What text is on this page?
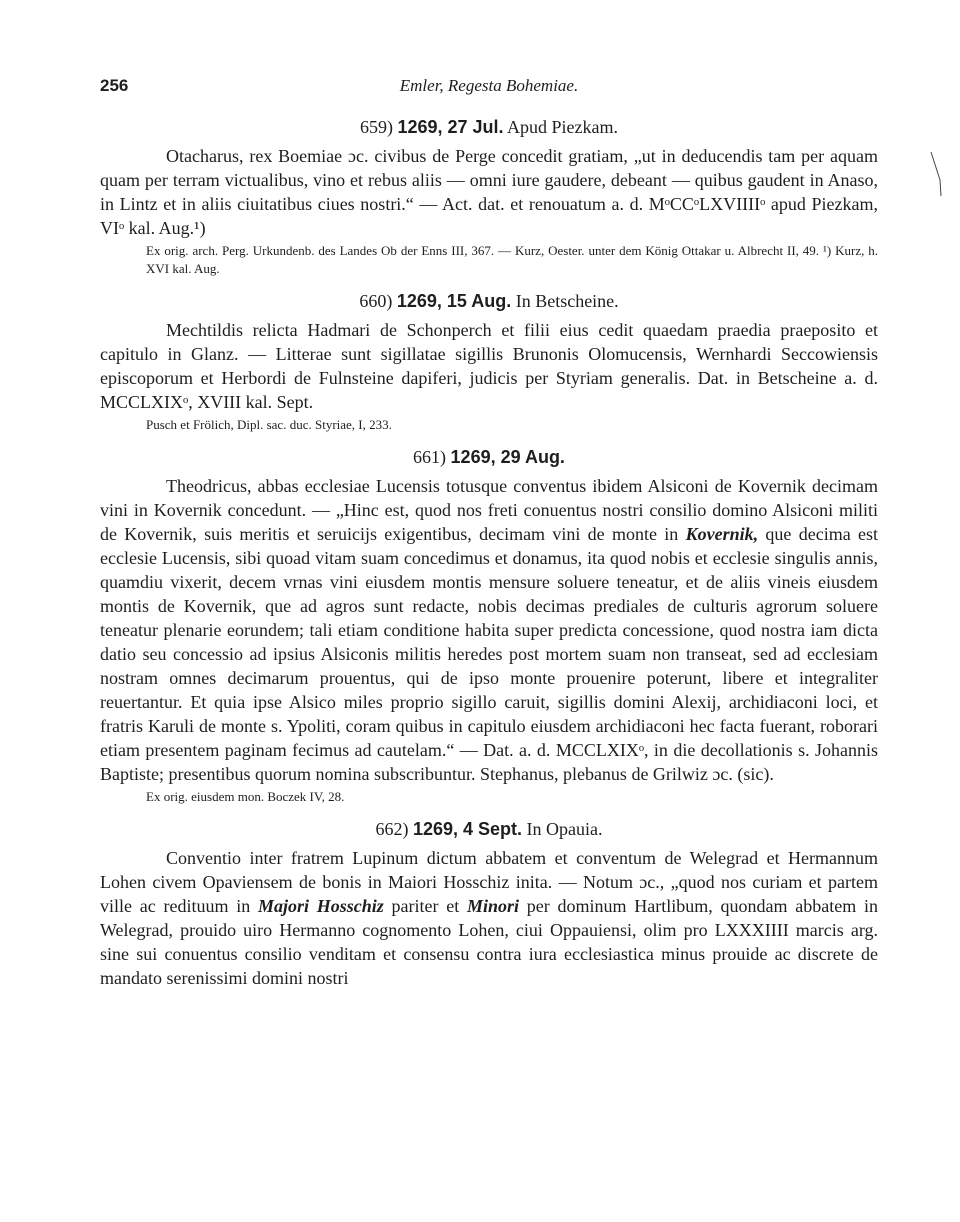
256	Emler, Regesta Bohemiae.
659) 1269, 27 Jul. Apud Piezkam.

Otacharus, rex Boemiae ɔc. civibus de Perge concedit gratiam, „ut in deducendis tam per aquam quam per terram victualibus, vino et rebus aliis — omni iure gaudere, debeant — quibus gaudent in Anaso, in Lintz et in aliis ciuitatibus ciues nostri.“ — Act. dat. et renouatum a. d. MᵒCCᵒLXVIIIIᵒ apud Piezkam, VIᵒ kal. Aug.¹)

Ex orig. arch. Perg. Urkundenb. des Landes Ob der Enns III, 367. — Kurz, Oester. unter dem König Ottakar u. Albrecht II, 49. ¹) Kurz, h. XVI kal. Aug.

660) 1269, 15 Aug. In Betscheine.

Mechtildis relicta Hadmari de Schonperch et filii eius cedit quaedam praedia praeposito et capitulo in Glanz. — Litterae sunt sigillatae sigillis Brunonis Olomucensis, Wernhardi Seccowiensis episcoporum et Herbordi de Fulnsteine dapiferi, judicis per Styriam generalis. Dat. in Betscheine a. d. MCCLXIXᵒ, XVIII kal. Sept.

Pusch et Frölich, Dipl. sac. duc. Styriae, I, 233.

661) 1269, 29 Aug.

Theodricus, abbas ecclesiae Lucensis totusque conventus ibidem Alsiconi de Kovernik decimam vini in Kovernik concedunt. — „Hinc est, quod nos freti conuentus nostri consilio domino Alsiconi militi de Kovernik, suis meritis et seruicijs exigentibus, decimam vini de monte in Kovernik, que decima est ecclesie Lucensis, sibi quoad vitam suam concedimus et donamus, ita quod nobis et ecclesie singulis annis, quamdiu vixerit, decem vrnas vini eiusdem montis mensure soluere teneatur, et de aliis vineis eiusdem montis de Kovernik, que ad agros sunt redacte, nobis decimas prediales de culturis agrorum soluere teneatur plenarie eorundem; tali etiam conditione habita super predicta concessione, quod nostra iam dicta datio seu concessio ad ipsius Alsiconis militis heredes post mortem suam non transeat, sed ad ecclesiam nostram omnes decimarum prouentus, qui de ipso monte prouenire poterunt, libere et integraliter reuertantur. Et quia ipse Alsico miles proprio sigillo caruit, sigillis domini Alexij, archidiaconi loci, et fratris Karuli de monte s. Ypoliti, coram quibus in capitulo eiusdem archidiaconi hec facta fuerant, roborari etiam presentem paginam fecimus ad cautelam.“ — Dat. a. d. MCCLXIXᵒ, in die decollationis s. Johannis Baptiste; presentibus quorum nomina subscribuntur. Stephanus, plebanus de Grilwiz ɔc. (sic).

Ex orig. eiusdem mon. Boczek IV, 28.

662) 1269, 4 Sept. In Opauia.

Conventio inter fratrem Lupinum dictum abbatem et conventum de Welegrad et Hermannum Lohen civem Opaviensem de bonis in Maiori Hosschiz inita. — Notum ɔc., „quod nos curiam et partem ville ac redituum in Majori Hosschiz pariter et Minori per dominum Hartlibum, quondam abbatem in Welegrad, prouido uiro Hermanno cognomento Lohen, ciui Oppauiensi, olim pro LXXXIIII marcis arg. sine sui conuentus consilio venditam et consensu contra iura ecclesiastica minus prouide ac discrete de mandato serenissimi domini nostri
